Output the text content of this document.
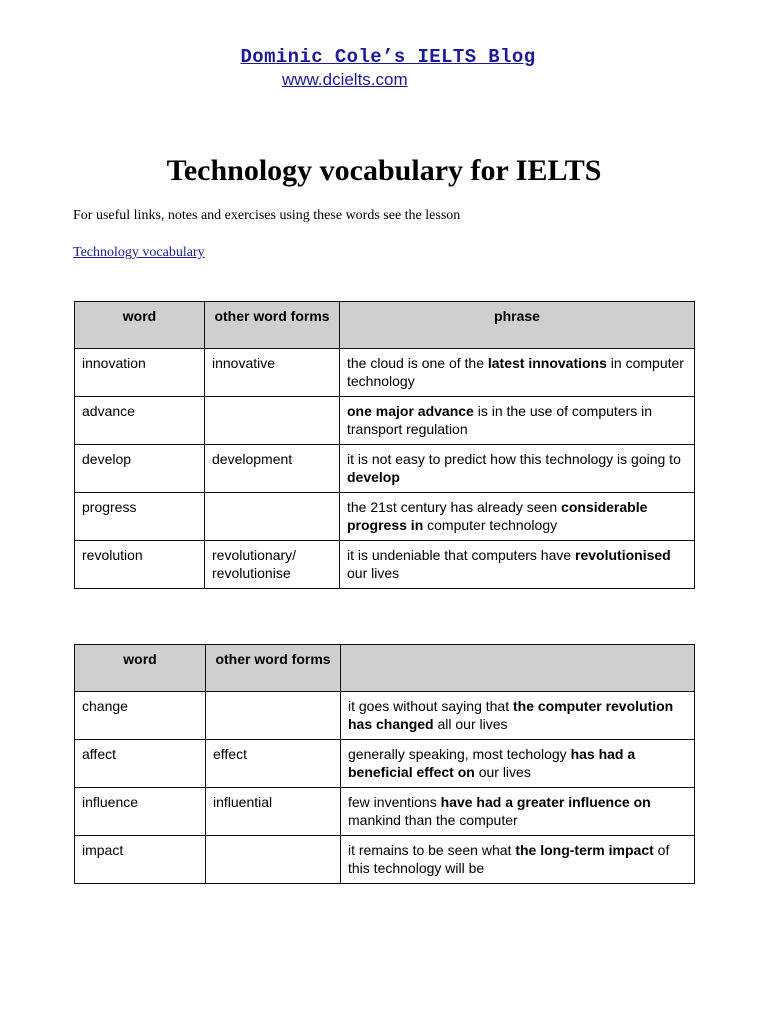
Dominic Cole’s IELTS Blog
www.dcielts.com
Technology vocabulary for IELTS
For useful links, notes and exercises using these words see the lesson
Technology vocabulary
word	other word forms	phrase
innovation	innovative	the cloud is one of the latest innovations in computer technology
advance		one major advance is in the use of computers in transport regulation
develop	development	it is not easy to predict how this technology is going to develop
progress		the 21st century has already seen considerable progress in computer technology
revolution	revolutionary/ revolutionise	it is undeniable that computers have revolutionised our lives
word	other word forms	
change		it goes without saying that the computer revolution has changed all our lives
affect	effect	generally speaking, most techology has had a beneficial effect on our lives
influence	influential	few inventions have had a greater influence on mankind than the computer
impact		it remains to be seen what the long-term impact of this technology will be
